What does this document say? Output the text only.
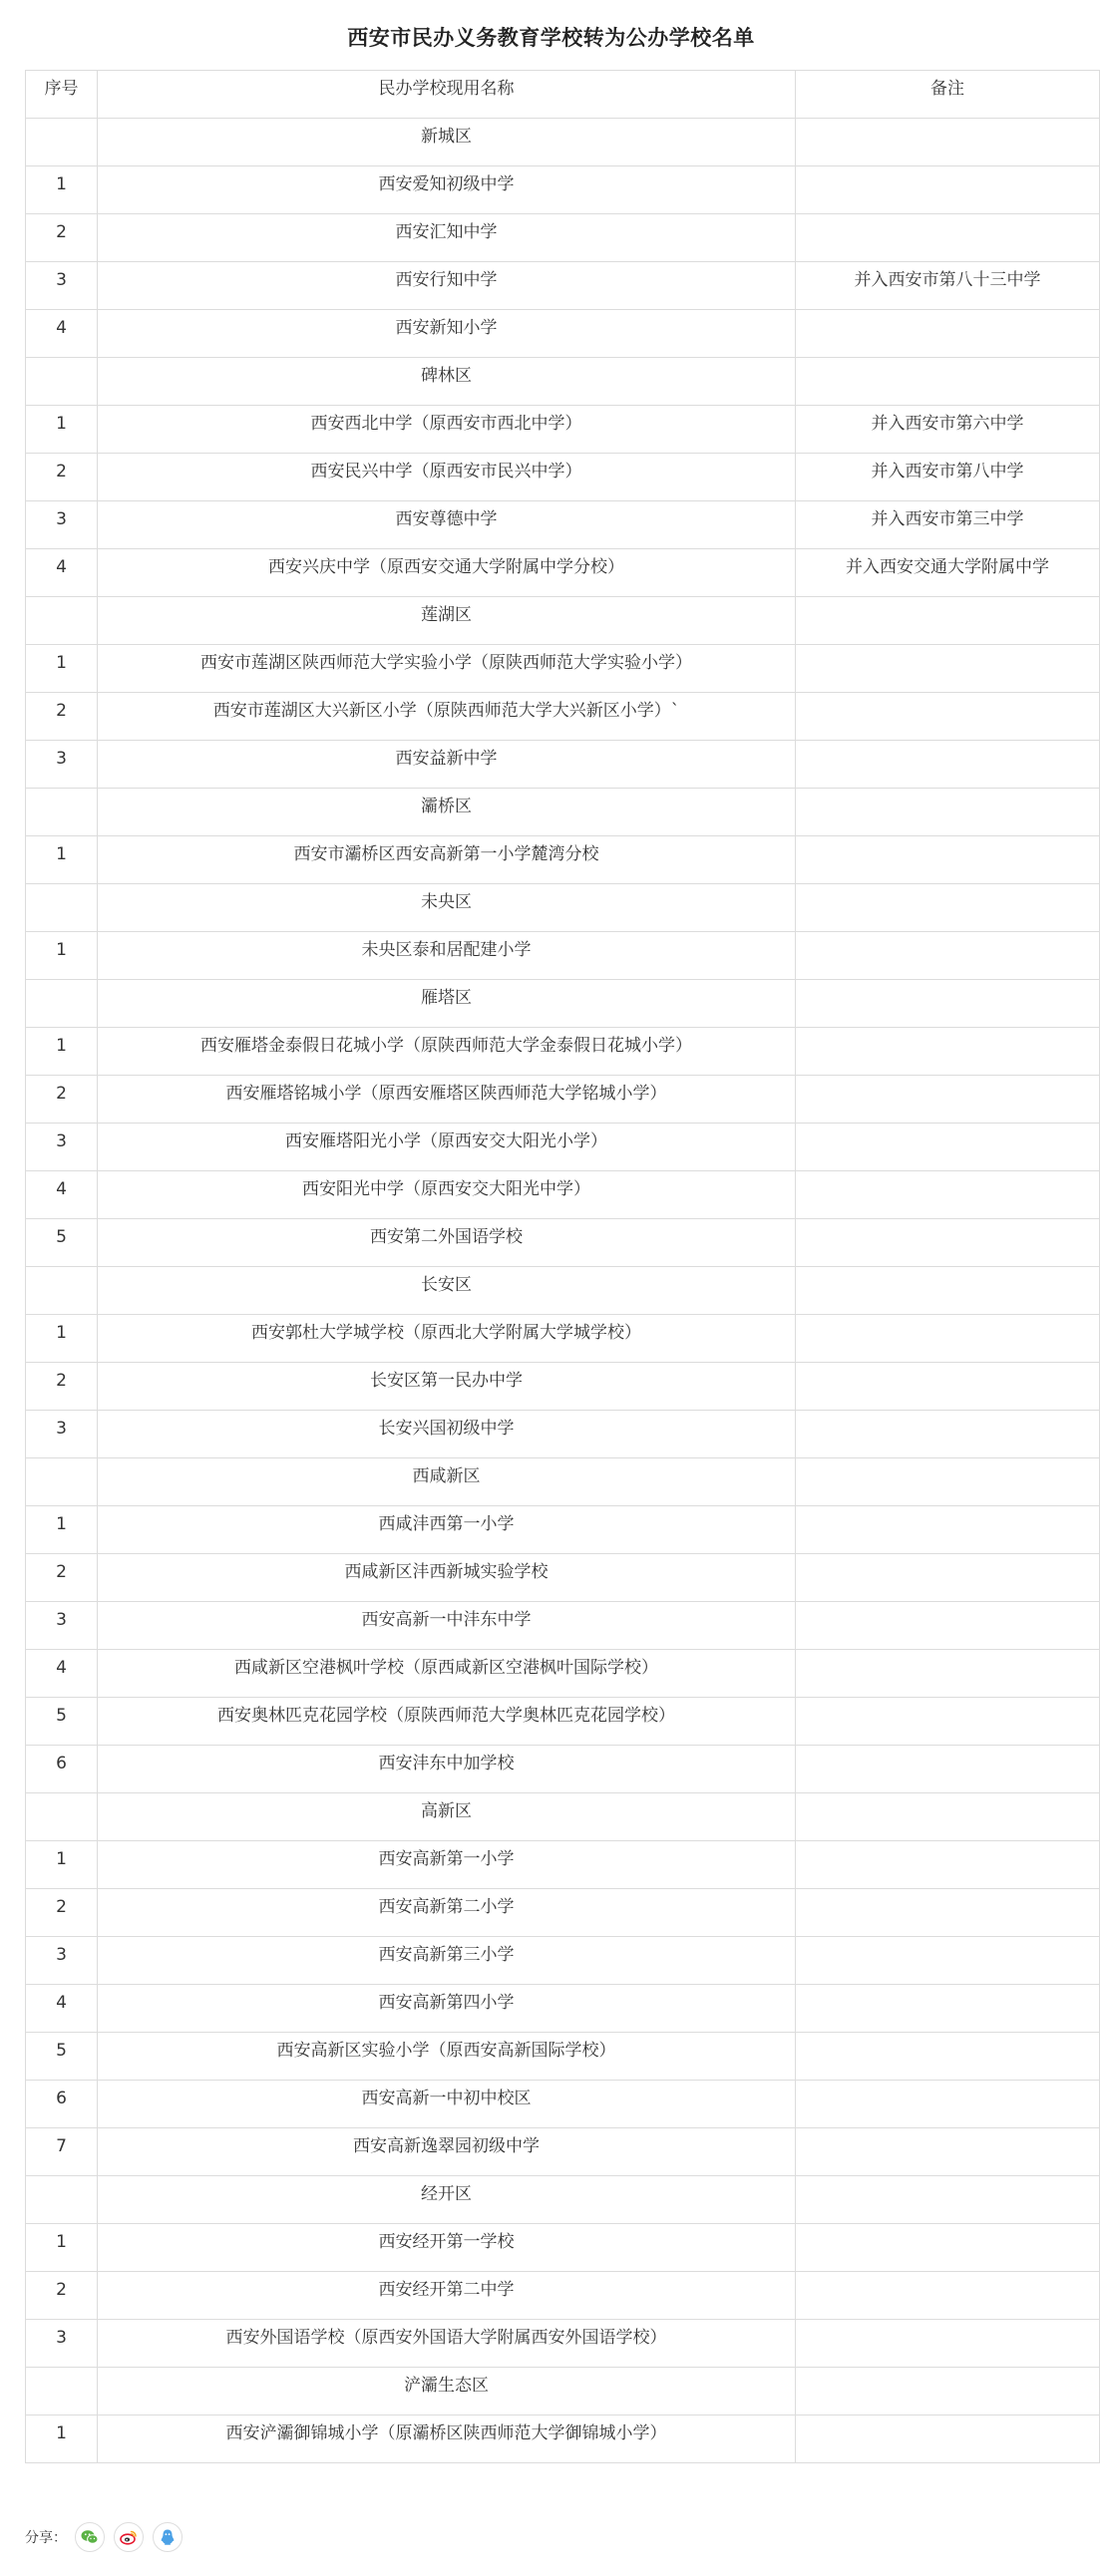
西安市民办义务教育学校转为公办学校名单
序号	民办学校现用名称	备注
	新城区	
1	西安爱知初级中学	
2	西安汇知中学	
3	西安行知中学	并入西安市第八十三中学
4	西安新知小学	
	碑林区	
1	西安西北中学（原西安市西北中学）	并入西安市第六中学
2	西安民兴中学（原西安市民兴中学）	并入西安市第八中学
3	西安尊德中学	并入西安市第三中学
4	西安兴庆中学（原西安交通大学附属中学分校）	并入西安交通大学附属中学
	莲湖区	
1	西安市莲湖区陕西师范大学实验小学（原陕西师范大学实验小学）	
2	西安市莲湖区大兴新区小学（原陕西师范大学大兴新区小学）`	
3	西安益新中学	
	灞桥区	
1	西安市灞桥区西安高新第一小学麓湾分校	
	未央区	
1	未央区泰和居配建小学	
	雁塔区	
1	西安雁塔金泰假日花城小学（原陕西师范大学金泰假日花城小学）	
2	西安雁塔铭城小学（原西安雁塔区陕西师范大学铭城小学）	
3	西安雁塔阳光小学（原西安交大阳光小学）	
4	西安阳光中学（原西安交大阳光中学）	
5	西安第二外国语学校	
	长安区	
1	西安郭杜大学城学校（原西北大学附属大学城学校）	
2	长安区第一民办中学	
3	长安兴国初级中学	
	西咸新区	
1	西咸沣西第一小学	
2	西咸新区沣西新城实验学校	
3	西安高新一中沣东中学	
4	西咸新区空港枫叶学校（原西咸新区空港枫叶国际学校）	
5	西安奥林匹克花园学校（原陕西师范大学奥林匹克花园学校）	
6	西安沣东中加学校	
	高新区	
1	西安高新第一小学	
2	西安高新第二小学	
3	西安高新第三小学	
4	西安高新第四小学	
5	西安高新区实验小学（原西安高新国际学校）	
6	西安高新一中初中校区	
7	西安高新逸翠园初级中学	
	经开区	
1	西安经开第一学校	
2	西安经开第二中学	
3	西安外国语学校（原西安外国语大学附属西安外国语学校）	
	浐灞生态区	
1	西安浐灞御锦城小学（原灞桥区陕西师范大学御锦城小学）	
分享：
